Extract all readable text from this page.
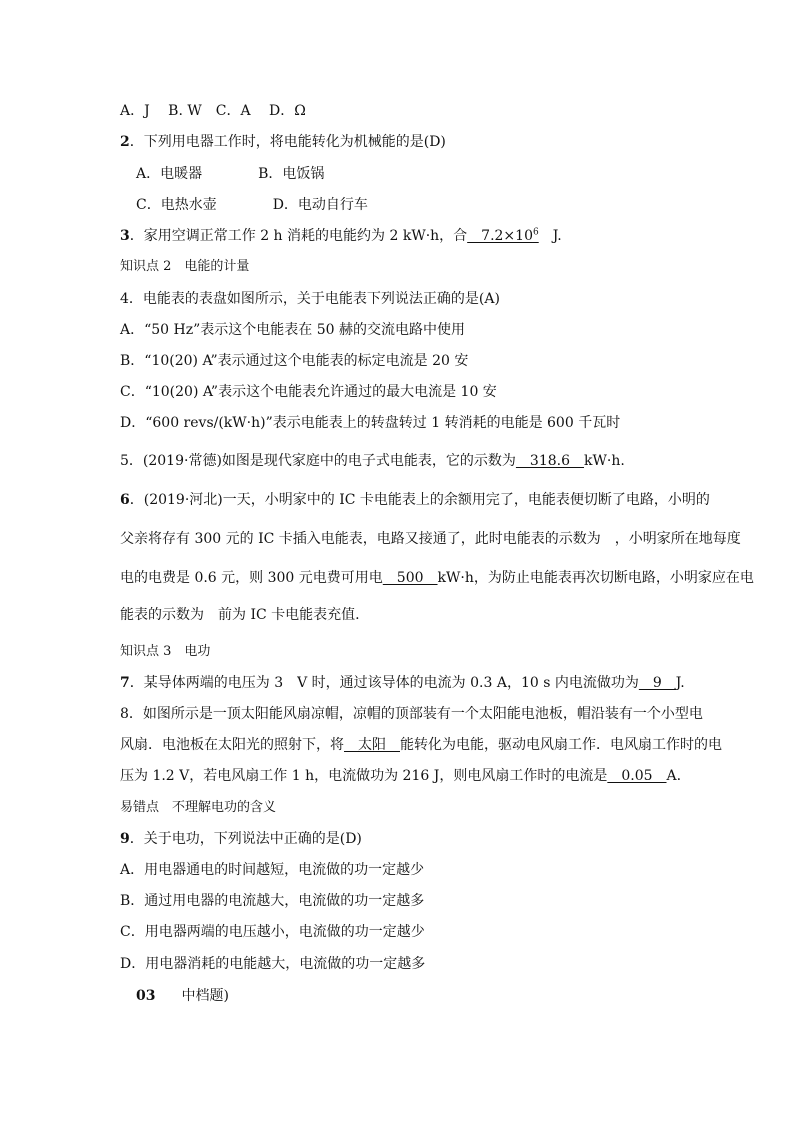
A．J　 B. W　C．A　 D．Ω
2．下列用电器工作时，将电能转化为机械能的是(D)
A．电暖器　　　　B．电饭锅
C．电热水壶　　　　D．电动自行车
3．家用空调正常工作 2 h 消耗的电能约为 2 kW·h，合　$7.2\times 10^6$　J.
知识点 2　电能的计量
4．电能表的表盘如图所示，关于电能表下列说法正确的是(A)
A．“50 Hz”表示这个电能表在 50 赫的交流电路中使用
B．“10(20) A”表示通过这个电能表的标定电流是 20 安
C．“10(20) A”表示这个电能表允许通过的最大电流是 10 安
D．“600 revs/(kW·h)”表示电能表上的转盘转过 1 转消耗的电能是 600 千瓦时
5．(2019·常德)如图是现代家庭中的电子式电能表，它的示数为　318.6　kW·h.
6．(2019·河北)一天，小明家中的 IC 卡电能表上的余额用完了，电能表便切断了电路，小明的
父亲将存有 300 元的 IC 卡插入电能表，电路又接通了，此时电能表的示数为　，小明家所在地每度
电的电费是 0.6 元，则 300 元电费可用电　500　kW·h，为防止电能表再次切断电路，小明家应在电
能表的示数为　前为 IC 卡电能表充值.
知识点 3　电功
7．某导体两端的电压为 3　V 时，通过该导体的电流为 0.3 A，10 s 内电流做功为　9　J.
8．如图所示是一顶太阳能风扇凉帽，凉帽的顶部装有一个太阳能电池板，帽沿装有一个小型电
风扇．电池板在太阳光的照射下，将　太阳　能转化为电能，驱动电风扇工作．电风扇工作时的电
压为 1.2 V，若电风扇工作 1 h，电流做功为 216 J，则电风扇工作时的电流是　0.05　A.
易错点　不理解电功的含义
9．关于电功，下列说法中正确的是(D)
A．用电器通电的时间越短，电流做的功一定越少
B．通过用电器的电流越大，电流做的功一定越多
C．用电器两端的电压越小，电流做的功一定越少
D．用电器消耗的电能越大，电流做的功一定越多
03 中档题)
